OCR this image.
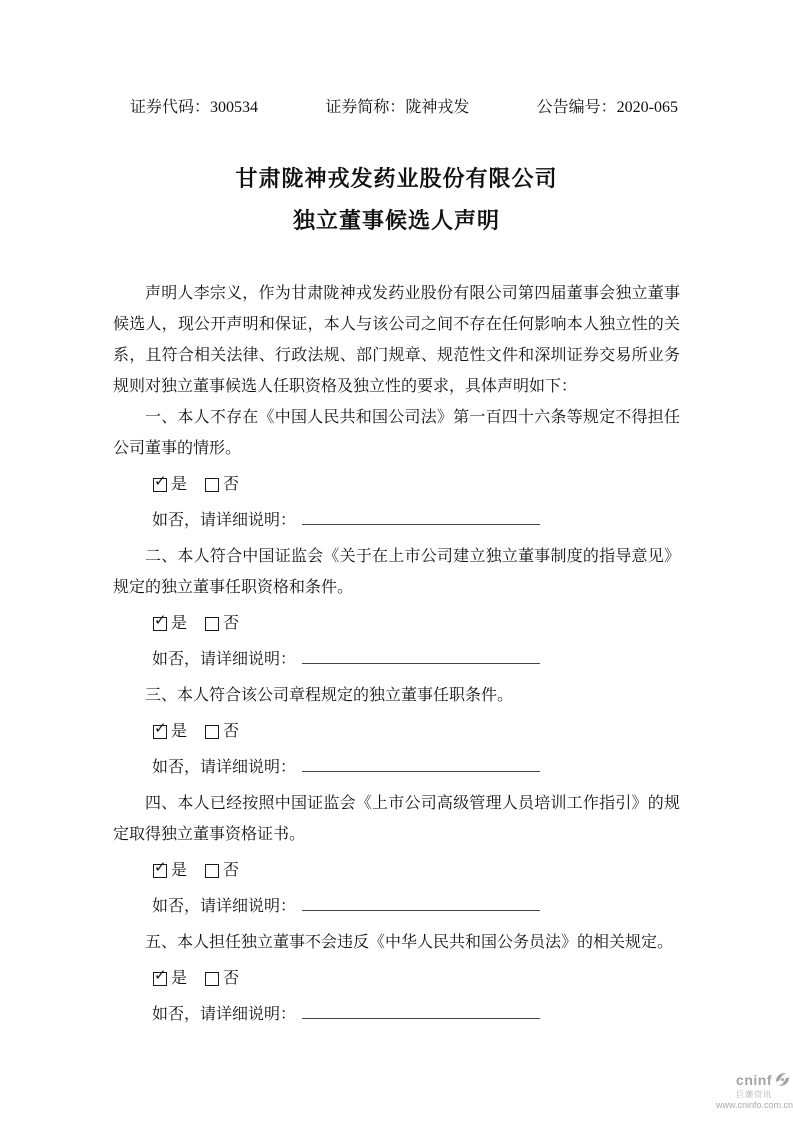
证券代码：300534	证券简称：陇神戎发	公告编号：2020-065
甘肃陇神戎发药业股份有限公司
独立董事候选人声明

声明人李宗义，作为甘肃陇神戎发药业股份有限公司第四届董事会独立董事候选人，现公开声明和保证，本人与该公司之间不存在任何影响本人独立性的关系，且符合相关法律、行政法规、部门规章、规范性文件和深圳证券交易所业务规则对独立董事候选人任职资格及独立性的要求，具体声明如下：

一、本人不存在《中国人民共和国公司法》第一百四十六条等规定不得担任公司董事的情形。

✓
是 否
如否，请详细说明：

二、本人符合中国证监会《关于在上市公司建立独立董事制度的指导意见》规定的独立董事任职资格和条件。

✓
是 否
如否，请详细说明：

三、本人符合该公司章程规定的独立董事任职条件。

✓
是 否
如否，请详细说明：

四、本人已经按照中国证监会《上市公司高级管理人员培训工作指引》的规定取得独立董事资格证书。

✓
是 否
如否，请详细说明：

五、本人担任独立董事不会违反《中华人民共和国公务员法》的相关规定。

✓
是 否
如否，请详细说明：
cninf
巨潮资讯
www.cninfo.com.cn
